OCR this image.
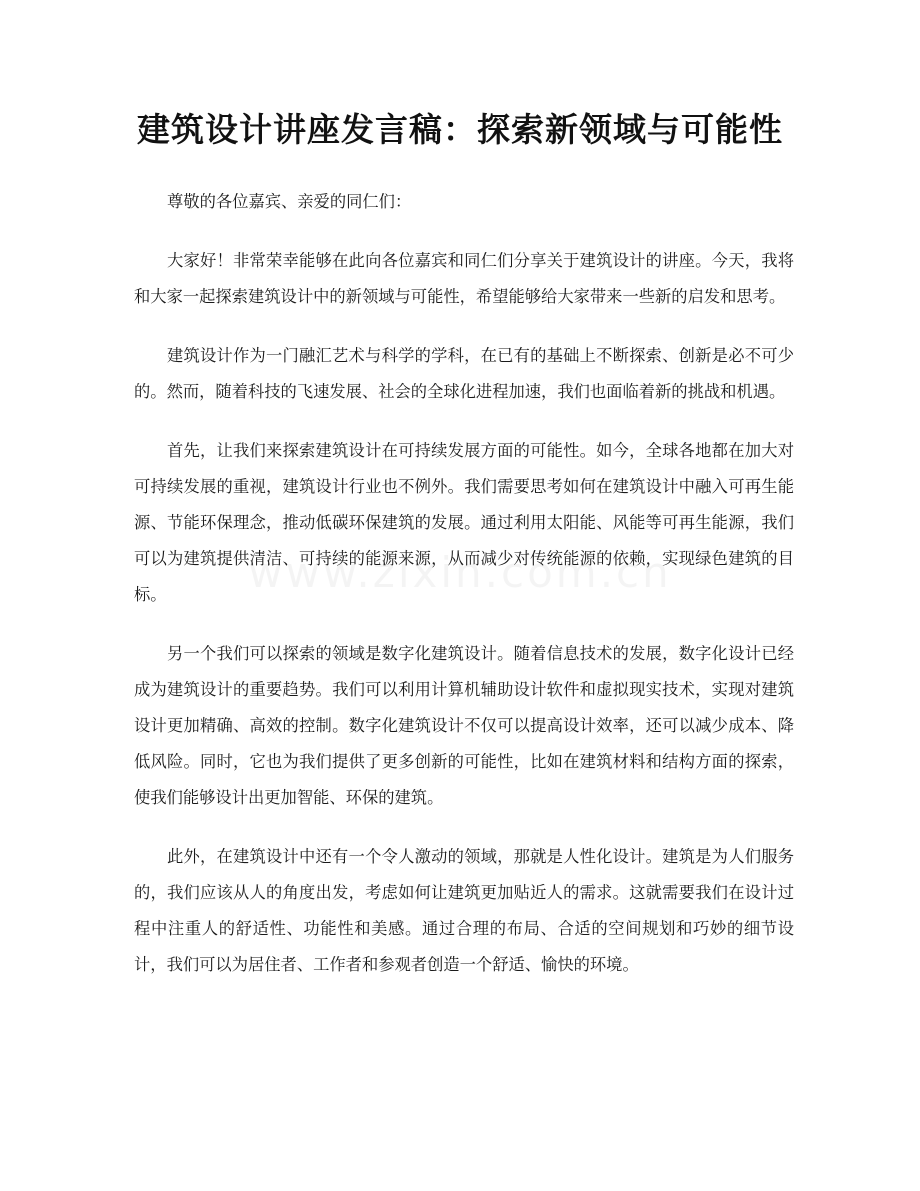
建筑设计讲座发言稿：探索新领域与可能性

尊敬的各位嘉宾、亲爱的同仁们：

大家好！非常荣幸能够在此向各位嘉宾和同仁们分享关于建筑设计的讲座。今天，我将和大家一起探索建筑设计中的新领域与可能性，希望能够给大家带来一些新的启发和思考。

建筑设计作为一门融汇艺术与科学的学科，在已有的基础上不断探索、创新是必不可少的。然而，随着科技的飞速发展、社会的全球化进程加速，我们也面临着新的挑战和机遇。

首先，让我们来探索建筑设计在可持续发展方面的可能性。如今，全球各地都在加大对可持续发展的重视，建筑设计行业也不例外。我们需要思考如何在建筑设计中融入可再生能源、节能环保理念，推动低碳环保建筑的发展。通过利用太阳能、风能等可再生能源，我们可以为建筑提供清洁、可持续的能源来源，从而减少对传统能源的依赖，实现绿色建筑的目标。

另一个我们可以探索的领域是数字化建筑设计。随着信息技术的发展，数字化设计已经成为建筑设计的重要趋势。我们可以利用计算机辅助设计软件和虚拟现实技术，实现对建筑设计更加精确、高效的控制。数字化建筑设计不仅可以提高设计效率，还可以减少成本、降低风险。同时，它也为我们提供了更多创新的可能性，比如在建筑材料和结构方面的探索，使我们能够设计出更加智能、环保的建筑。

此外，在建筑设计中还有一个令人激动的领域，那就是人性化设计。建筑是为人们服务的，我们应该从人的角度出发，考虑如何让建筑更加贴近人的需求。这就需要我们在设计过程中注重人的舒适性、功能性和美感。通过合理的布局、合适的空间规划和巧妙的细节设计，我们可以为居住者、工作者和参观者创造一个舒适、愉快的环境。
